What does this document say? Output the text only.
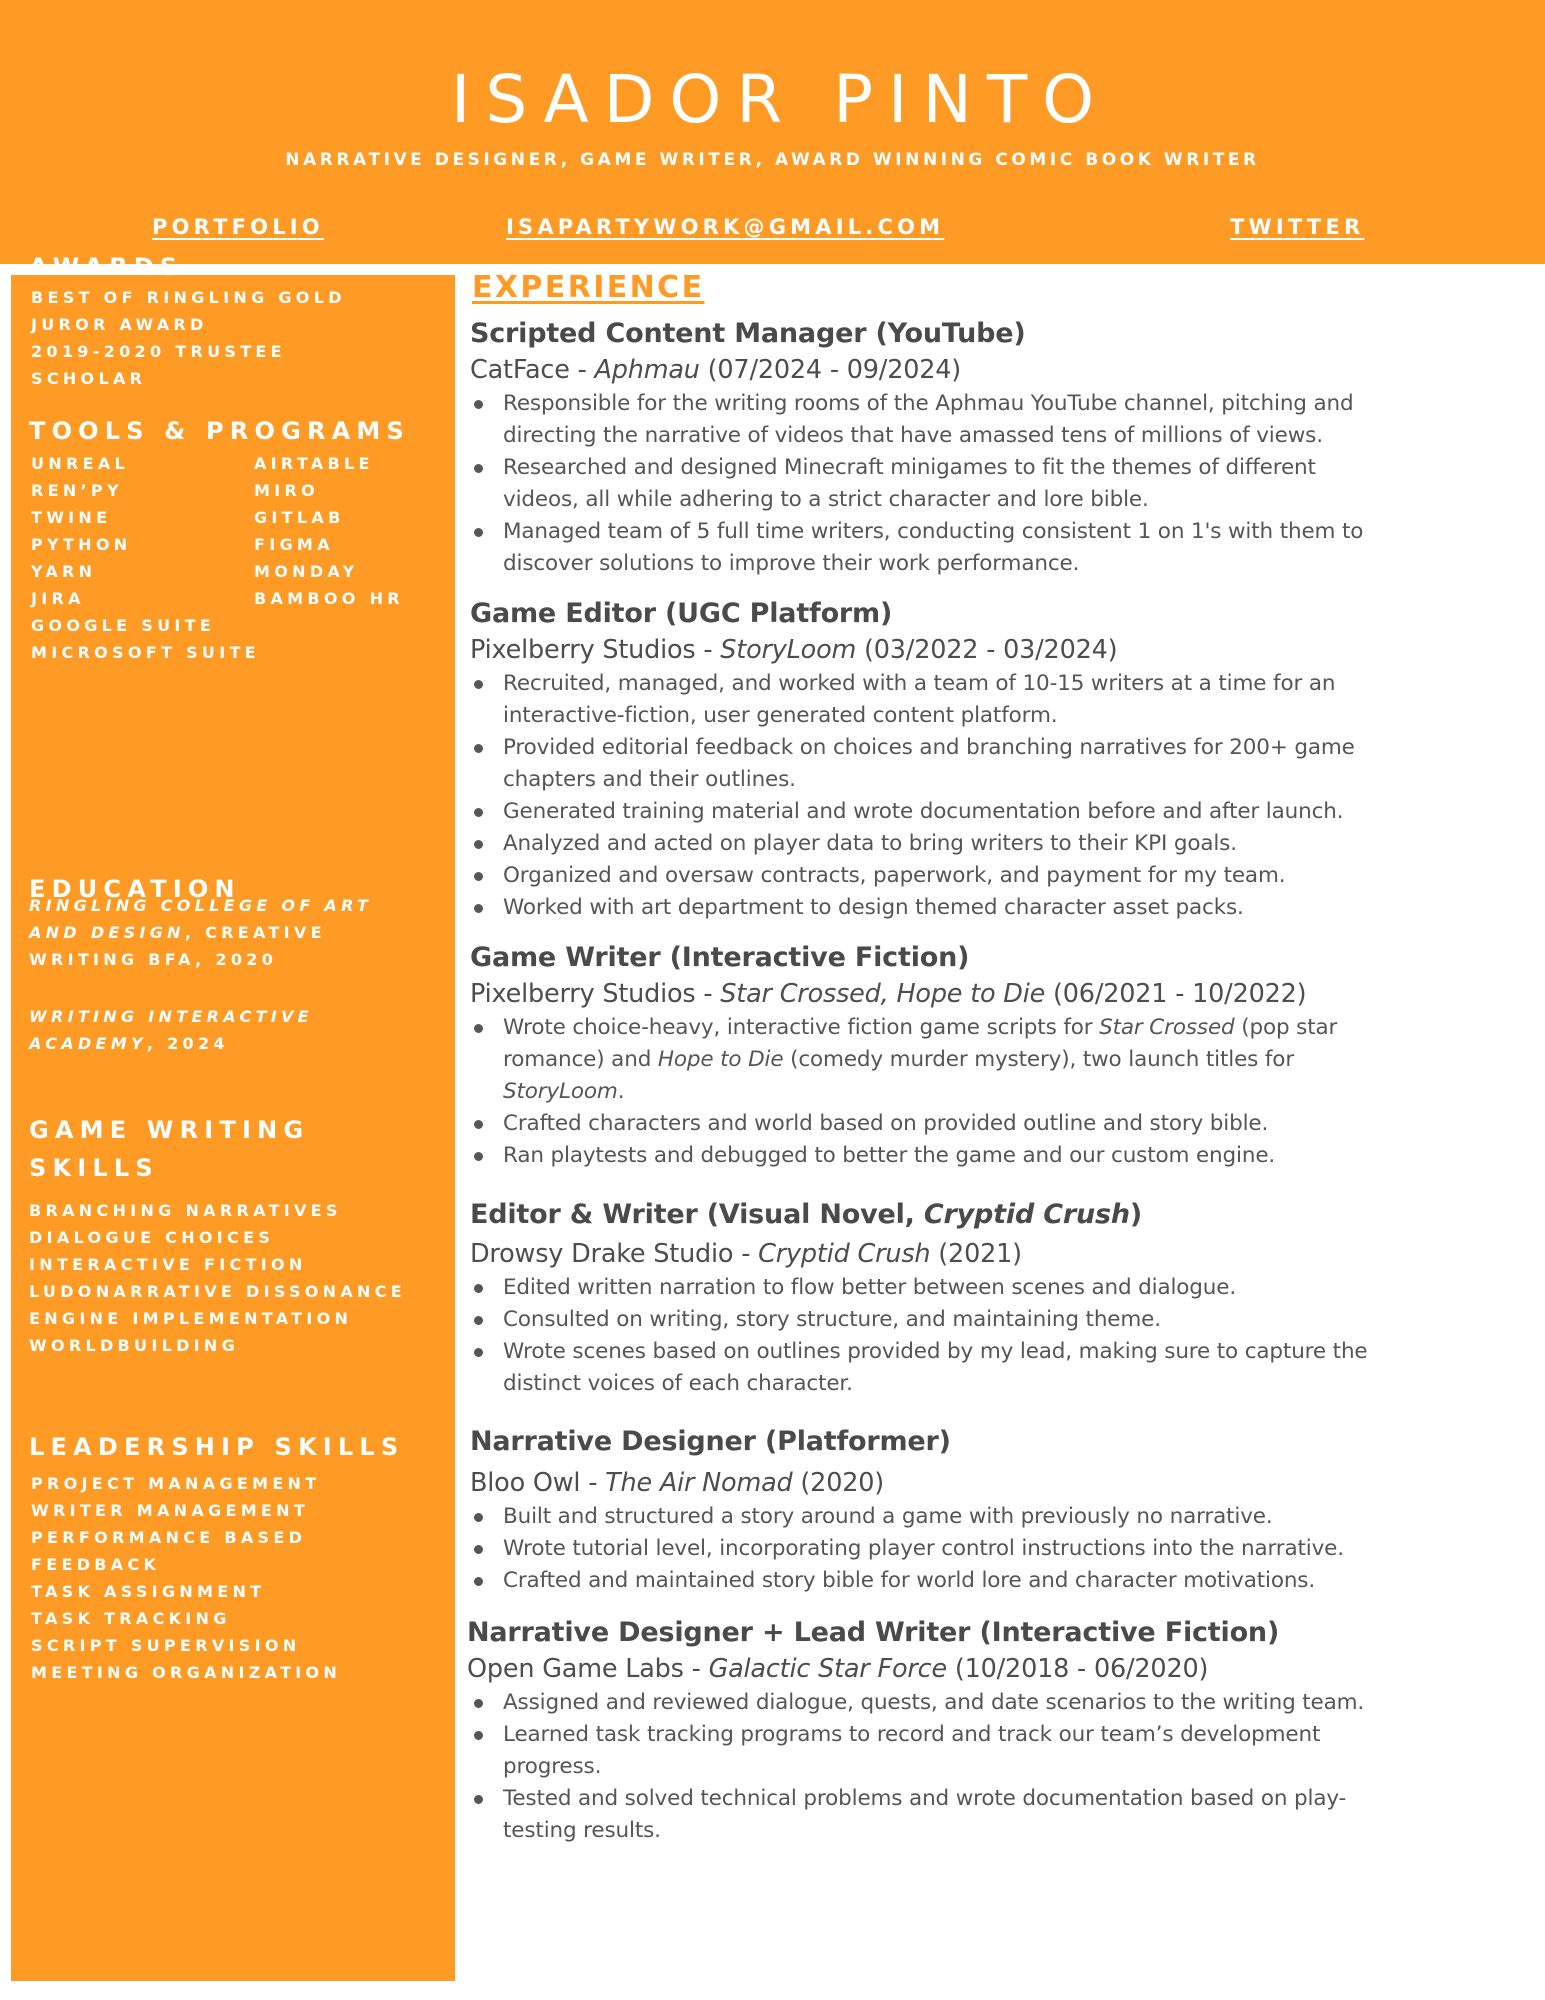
ISADOR PINTO
NARRATIVE DESIGNER, GAME WRITER, AWARD WINNING COMIC BOOK WRITER
PORTFOLIO	ISAPARTYWORK@GMAIL.COM	TWITTER
AWARDS
BEST OF RINGLING GOLD
JUROR AWARD
2019-2020 TRUSTEE
SCHOLAR
TOOLS & PROGRAMS
UNREAL
REN’PY
TWINE
PYTHON
YARN
JIRA
GOOGLE SUITE
MICROSOFT SUITE
AIRTABLE
MIRO
GITLAB
FIGMA
MONDAY
BAMBOO HR
EDUCATION
RINGLING COLLEGE OF ART
AND DESIGN, CREATIVE
WRITING BFA, 2020
WRITING INTERACTIVE
ACADEMY, 2024
GAME WRITING
SKILLS
BRANCHING NARRATIVES
DIALOGUE CHOICES
INTERACTIVE FICTION
LUDONARRATIVE DISSONANCE
ENGINE IMPLEMENTATION
WORLDBUILDING
LEADERSHIP SKILLS
PROJECT MANAGEMENT
WRITER MANAGEMENT
PERFORMANCE BASED
FEEDBACK
TASK ASSIGNMENT
TASK TRACKING
SCRIPT SUPERVISION
MEETING ORGANIZATION
EXPERIENCE
Scripted Content Manager (YouTube)
CatFace - Aphmau (07/2024 - 09/2024)
Responsible for the writing rooms of the Aphmau YouTube channel, pitching and
directing the narrative of videos that have amassed tens of millions of views.
Researched and designed Minecraft minigames to fit the themes of different
videos, all while adhering to a strict character and lore bible.
Managed team of 5 full time writers, conducting consistent 1 on 1's with them to
discover solutions to improve their work performance.
Game Editor (UGC Platform)
Pixelberry Studios - StoryLoom (03/2022 - 03/2024)
Recruited, managed, and worked with a team of 10-15 writers at a time for an
interactive-fiction, user generated content platform.
Provided editorial feedback on choices and branching narratives for 200+ game
chapters and their outlines.
Generated training material and wrote documentation before and after launch.
Analyzed and acted on player data to bring writers to their KPI goals.
Organized and oversaw contracts, paperwork, and payment for my team.
Worked with art department to design themed character asset packs.
Game Writer (Interactive Fiction)
Pixelberry Studios - Star Crossed, Hope to Die (06/2021 - 10/2022)
Wrote choice-heavy, interactive fiction game scripts for Star Crossed (pop star
romance) and Hope to Die (comedy murder mystery), two launch titles for
StoryLoom.
Crafted characters and world based on provided outline and story bible.
Ran playtests and debugged to better the game and our custom engine.
Editor & Writer (Visual Novel, Cryptid Crush)
Drowsy Drake Studio - Cryptid Crush (2021)
Edited written narration to flow better between scenes and dialogue.
Consulted on writing, story structure, and maintaining theme.
Wrote scenes based on outlines provided by my lead, making sure to capture the
distinct voices of each character.
Narrative Designer (Platformer)
Bloo Owl - The Air Nomad (2020)
Built and structured a story around a game with previously no narrative.
Wrote tutorial level, incorporating player control instructions into the narrative.
Crafted and maintained story bible for world lore and character motivations.
Narrative Designer + Lead Writer (Interactive Fiction)
Open Game Labs - Galactic Star Force (10/2018 - 06/2020)
Assigned and reviewed dialogue, quests, and date scenarios to the writing team.
Learned task tracking programs to record and track our team’s development
progress.
Tested and solved technical problems and wrote documentation based on play-
testing results.
